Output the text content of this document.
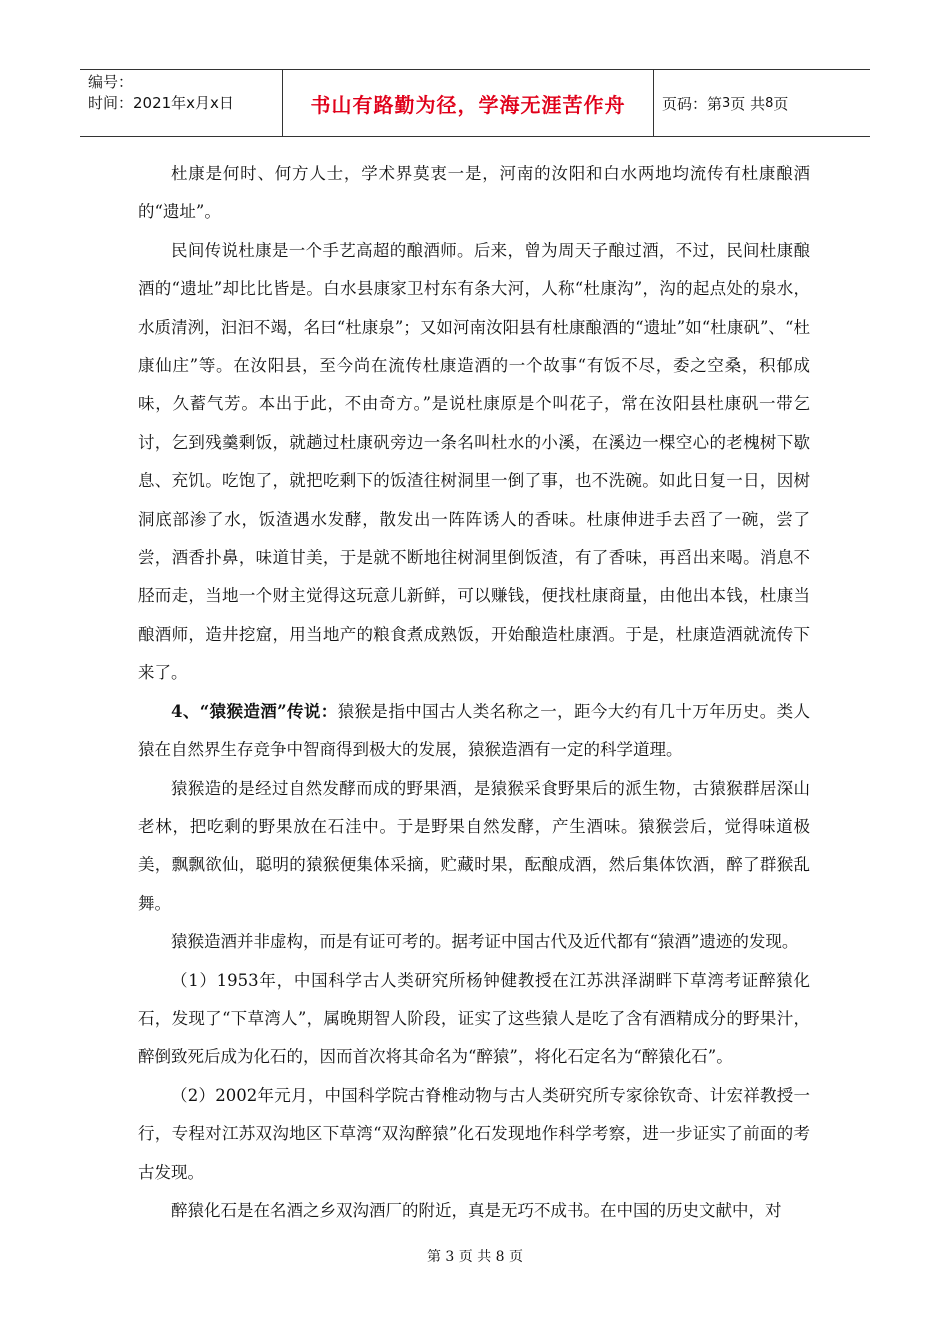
编号：
时间：2021年x月x日	书山有路勤为径，学海无涯苦作舟 页码：第 3 页 共 8 页

杜康是何时、何方人士，学术界莫衷一是，河南的汝阳和白水两地均流传有杜康酿酒的“遗址”。

民间传说杜康是一个手艺高超的酿酒师。后来，曾为周天子酿过酒，不过，民间杜康酿酒的“遗址”却比比皆是。白水县康家卫村东有条大河，人称“杜康沟”，沟的起点处的泉水，水质清洌，汩汩不竭，名曰“杜康泉”；又如河南汝阳县有杜康酿酒的“遗址”如“杜康矾”、“杜康仙庄”等。在汝阳县，至今尚在流传杜康造酒的一个故事“有饭不尽，委之空桑，积郁成味，久蓄气芳。本出于此，不由奇方。”是说杜康原是个叫花子，常在汝阳县杜康矾一带乞讨，乞到残羹剩饭，就趟过杜康矾旁边一条名叫杜水的小溪，在溪边一棵空心的老槐树下歇息、充饥。吃饱了，就把吃剩下的饭渣往树洞里一倒了事，也不洗碗。如此日复一日，因树洞底部渗了水，饭渣遇水发酵，散发出一阵阵诱人的香味。杜康伸进手去舀了一碗，尝了尝，酒香扑鼻，味道甘美，于是就不断地往树洞里倒饭渣，有了香味，再舀出来喝。消息不胫而走，当地一个财主觉得这玩意儿新鲜，可以赚钱，便找杜康商量，由他出本钱，杜康当酿酒师，造井挖窟，用当地产的粮食煮成熟饭，开始酿造杜康酒。于是，杜康造酒就流传下来了。

4、“猿猴造酒”传说：猿猴是指中国古人类名称之一，距今大约有几十万年历史。类人猿在自然界生存竞争中智商得到极大的发展，猿猴造酒有一定的科学道理。

猿猴造的是经过自然发酵而成的野果酒，是猿猴采食野果后的派生物，古猿猴群居深山老林，把吃剩的野果放在石洼中。于是野果自然发酵，产生酒味。猿猴尝后，觉得味道极美，飘飘欲仙，聪明的猿猴便集体采摘，贮藏时果，酝酿成酒，然后集体饮酒，醉了群猴乱舞。

猿猴造酒并非虚构，而是有证可考的。据考证中国古代及近代都有“猿酒”遗迹的发现。

（1）1953年，中国科学古人类研究所杨钟健教授在江苏洪泽湖畔下草湾考证醉猿化石，发现了“下草湾人”，属晚期智人阶段，证实了这些猿人是吃了含有酒精成分的野果汁，醉倒致死后成为化石的，因而首次将其命名为“醉猿”，将化石定名为“醉猿化石”。

（2）2002年元月，中国科学院古脊椎动物与古人类研究所专家徐钦奇、计宏祥教授一行，专程对江苏双沟地区下草湾“双沟醉猿”化石发现地作科学考察，进一步证实了前面的考古发现。

醉猿化石是在名酒之乡双沟酒厂的附近，真是无巧不成书。在中国的历史文献中，对

第 3 页 共 8 页
